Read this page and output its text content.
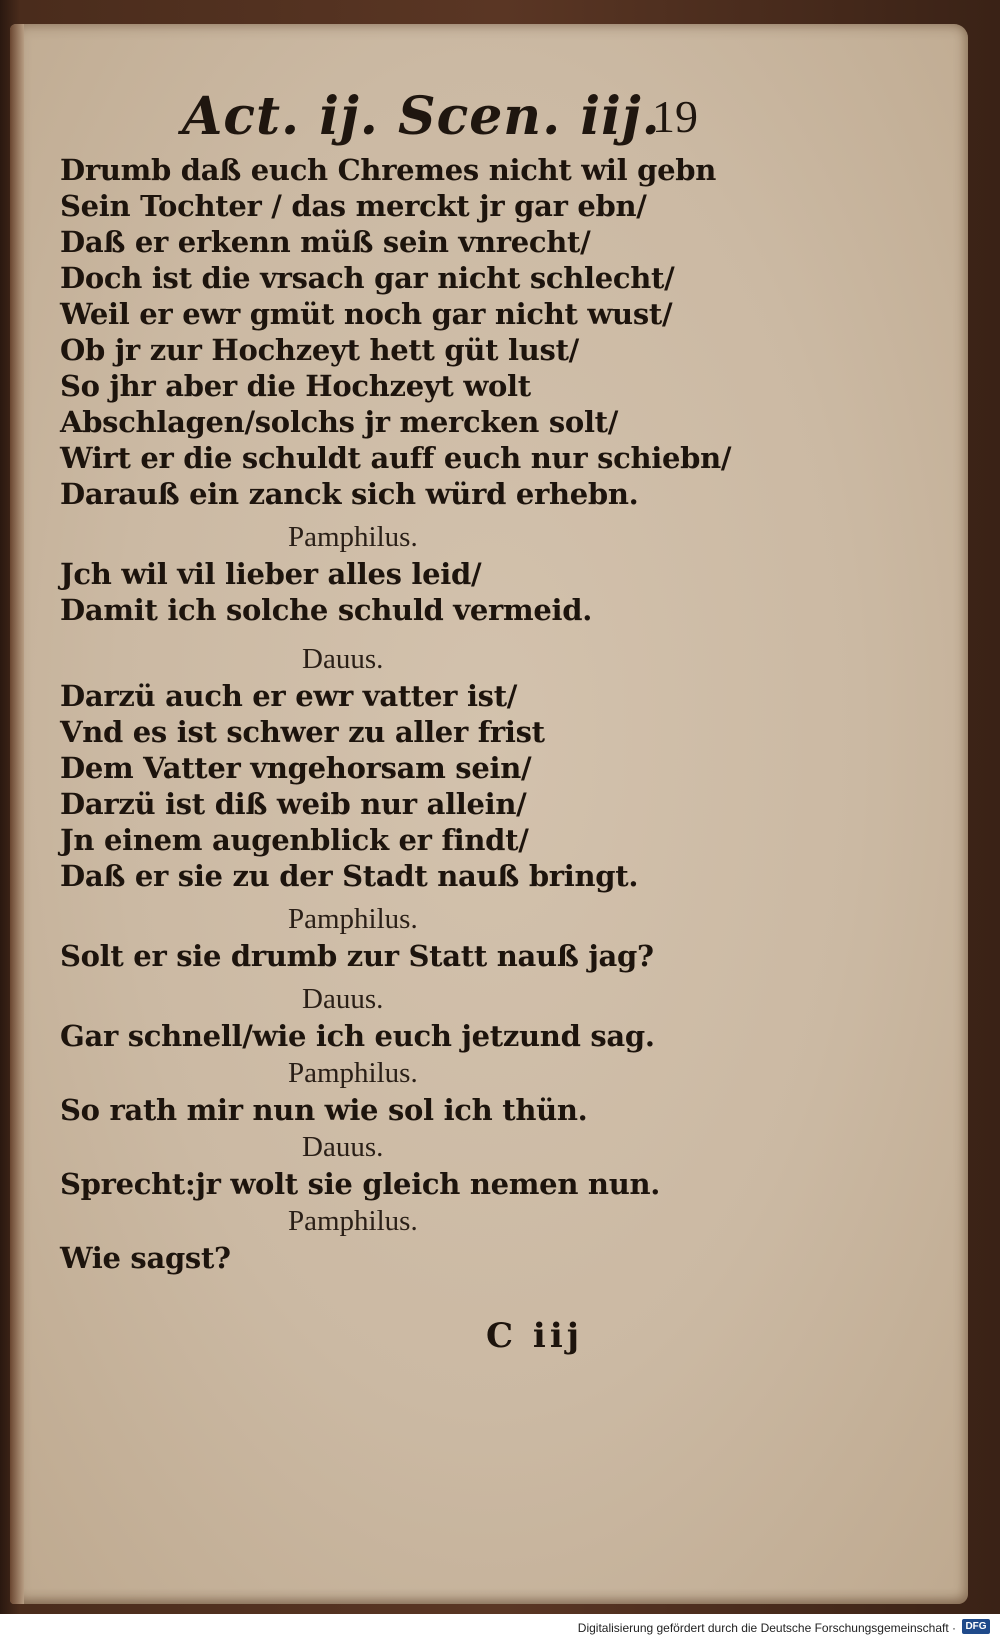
Act. ij. Scen. iij.
19
Drumb daß euch Chremes nicht wil gebn
Sein Tochter / das merckt jr gar ebn/
Daß er erkenn müß sein vnrecht/
Doch ist die vrsach gar nicht schlecht/
Weil er ewr gmüt noch gar nicht wust/
Ob jr zur Hochzeyt hett güt lust/
So jhr aber die Hochzeyt wolt
Abschlagen/solchs jr mercken solt/
Wirt er die schuldt auff euch nur schiebn/
Darauß ein zanck sich würd erhebn.
Pamphilus.
Jch wil vil lieber alles leid/
Damit ich solche schuld vermeid.
Dauus.
Darzü auch er ewr vatter ist/
Vnd es ist schwer zu aller frist
Dem Vatter vngehorsam sein/
Darzü ist diß weib nur allein/
Jn einem augenblick er findt/
Daß er sie zu der Stadt nauß bringt.
Pamphilus.
Solt er sie drumb zur Statt nauß jag?
Dauus.
Gar schnell/wie ich euch jetzund sag.
Pamphilus.
So rath mir nun wie sol ich thün.
Dauus.
Sprecht:jr wolt sie gleich nemen nun.
Pamphilus.
Wie sagst?
C iij
Digitalisierung gefördert durch die Deutsche Forschungsgemeinschaft · DFG
